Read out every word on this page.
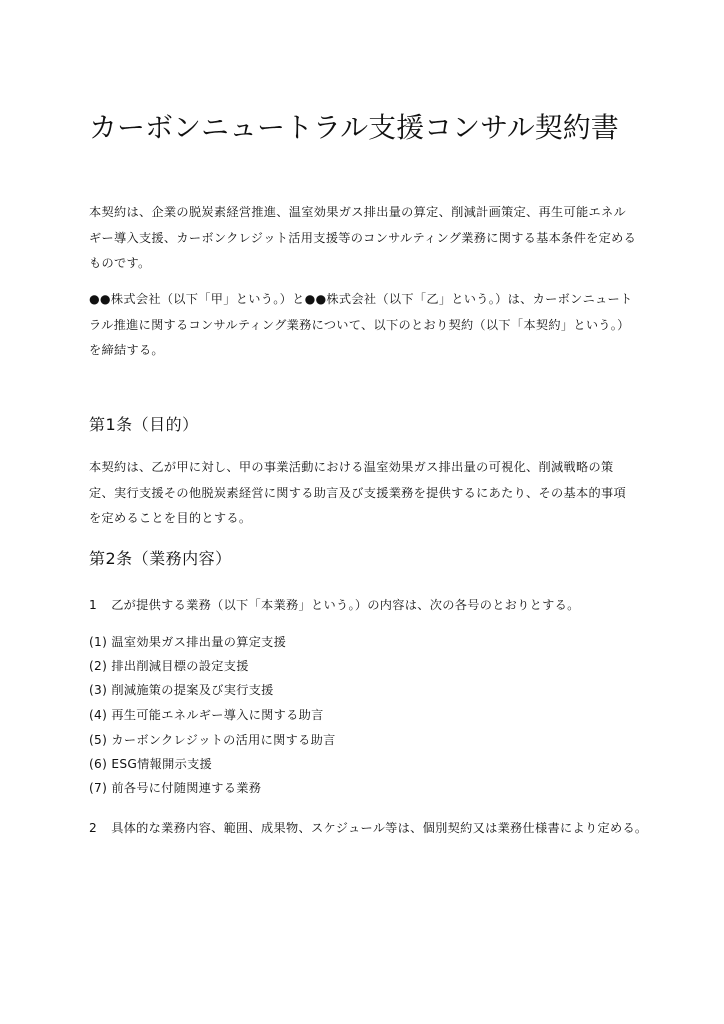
カーボンニュートラル支援コンサル契約書

本契約は、企業の脱炭素経営推進、温室効果ガス排出量の算定、削減計画策定、再生可能エネルギー導入支援、カーボンクレジット活用支援等のコンサルティング業務に関する基本条件を定めるものです。

●●株式会社（以下「甲」という。）と●●株式会社（以下「乙」という。）は、カーボンニュートラル推進に関するコンサルティング業務について、以下のとおり契約（以下「本契約」という。）を締結する。

第1条（目的）

本契約は、乙が甲に対し、甲の事業活動における温室効果ガス排出量の可視化、削減戦略の策定、実行支援その他脱炭素経営に関する助言及び支援業務を提供するにあたり、その基本的事項を定めることを目的とする。

第2条（業務内容）

1 乙が提供する業務（以下「本業務」という。）の内容は、次の各号のとおりとする。

(1) 温室効果ガス排出量の算定支援

(2) 排出削減目標の設定支援

(3) 削減施策の提案及び実行支援

(4) 再生可能エネルギー導入に関する助言

(5) カーボンクレジットの活用に関する助言

(6) ESG情報開示支援

(7) 前各号に付随関連する業務

2 具体的な業務内容、範囲、成果物、スケジュール等は、個別契約又は業務仕様書により定める。
